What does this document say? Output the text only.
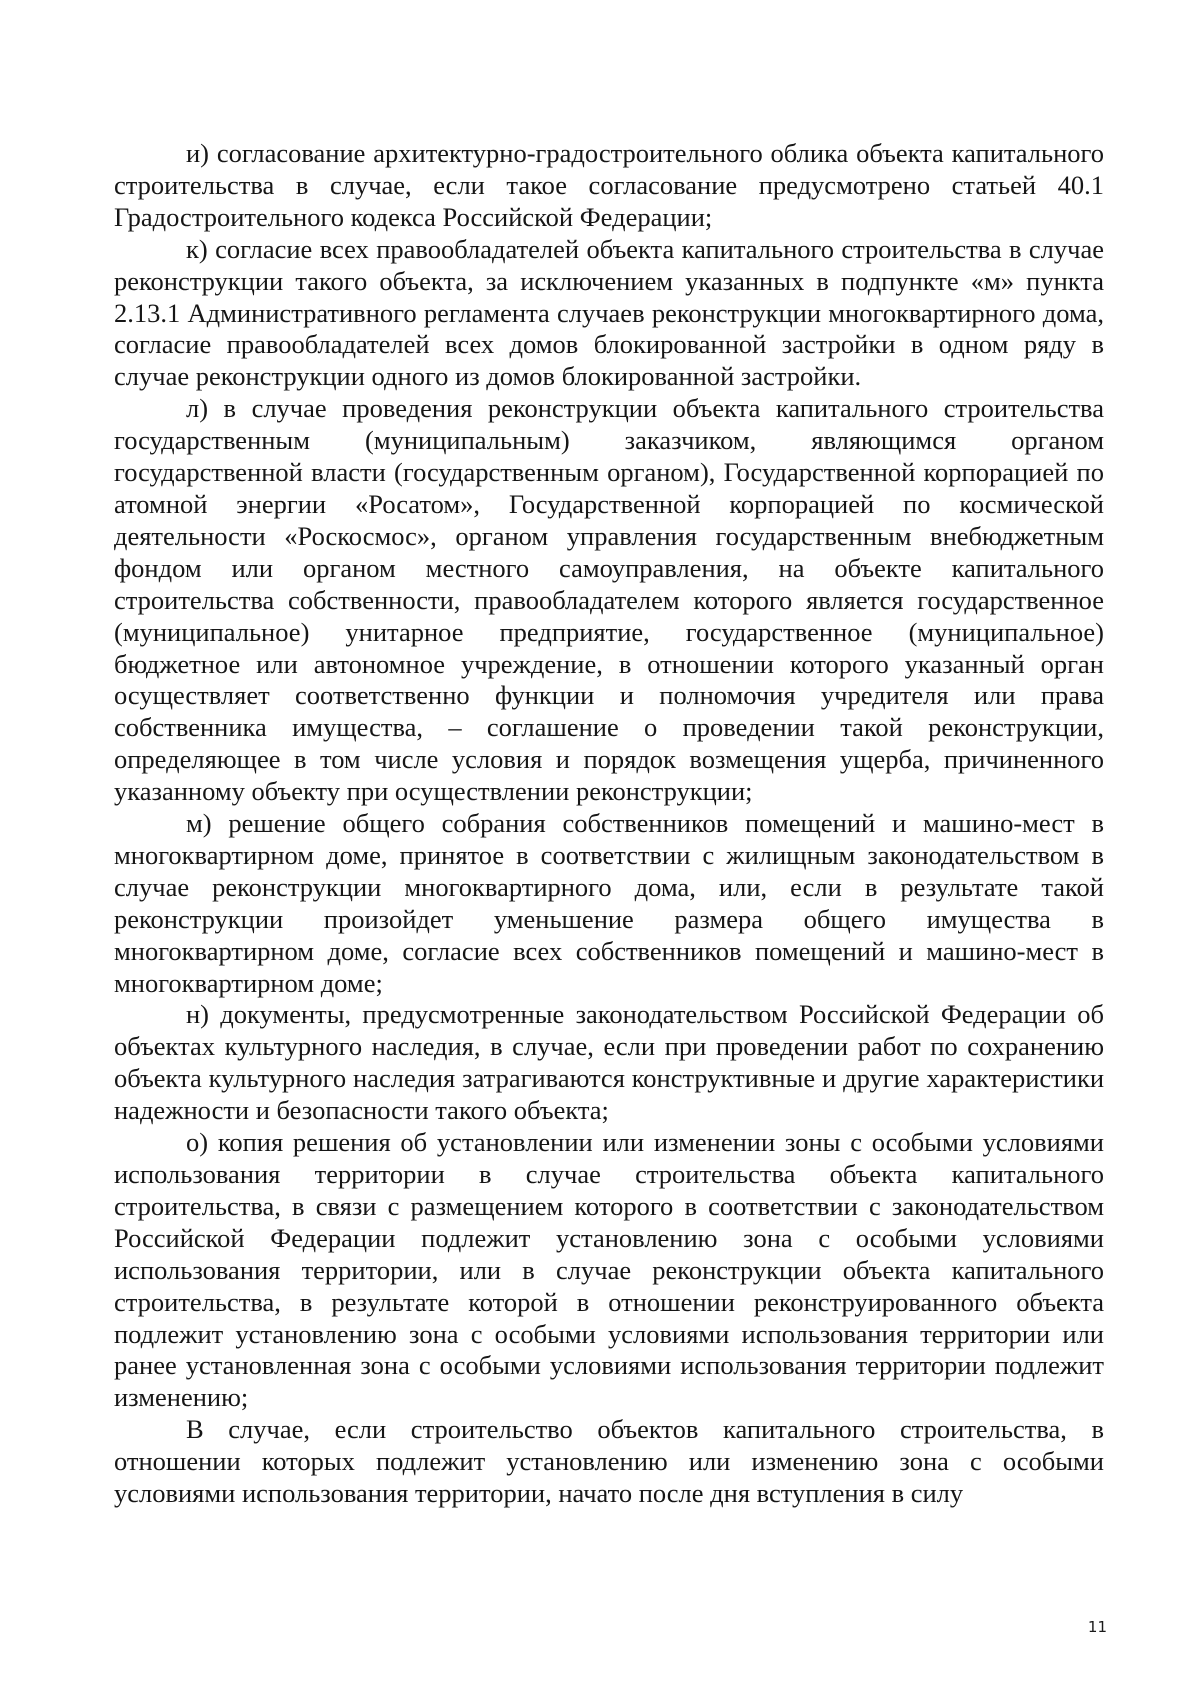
и) согласование архитектурно-градостроительного облика объекта капитального строительства в случае, если такое согласование предусмотрено статьей 40.1 Градостроительного кодекса Российской Федерации;

к) согласие всех правообладателей объекта капитального строительства в случае реконструкции такого объекта, за исключением указанных в подпункте «м» пункта 2.13.1 Административного регламента случаев реконструкции многоквартирного дома, согласие правообладателей всех домов блокированной застройки в одном ряду в случае реконструкции одного из домов блокированной застройки.

л) в случае проведения реконструкции объекта капитального строительства государственным (муниципальным) заказчиком, являющимся органом государственной власти (государственным органом), Государственной корпорацией по атомной энергии «Росатом», Государственной корпорацией по космической деятельности «Роскосмос», органом управления государственным внебюджетным фондом или органом местного самоуправления, на объекте капитального строительства собственности, правообладателем которого является государственное (муниципальное) унитарное предприятие, государственное (муниципальное) бюджетное или автономное учреждение, в отношении которого указанный орган осуществляет соответственно функции и полномочия учредителя или права собственника имущества, – соглашение о проведении такой реконструкции, определяющее в том числе условия и порядок возмещения ущерба, причиненного указанному объекту при осуществлении реконструкции;

м) решение общего собрания собственников помещений и машино-мест в многоквартирном доме, принятое в соответствии с жилищным законодательством в случае реконструкции многоквартирного дома, или, если в результате такой реконструкции произойдет уменьшение размера общего имущества в многоквартирном доме, согласие всех собственников помещений и машино-мест в многоквартирном доме;

н) документы, предусмотренные законодательством Российской Федерации об объектах культурного наследия, в случае, если при проведении работ по сохранению объекта культурного наследия затрагиваются конструктивные и другие характеристики надежности и безопасности такого объекта;

о) копия решения об установлении или изменении зоны с особыми условиями использования территории в случае строительства объекта капитального строительства, в связи с размещением которого в соответствии с законодательством Российской Федерации подлежит установлению зона с особыми условиями использования территории, или в случае реконструкции объекта капитального строительства, в результате которой в отношении реконструированного объекта подлежит установлению зона с особыми условиями использования территории или ранее установленная зона с особыми условиями использования территории подлежит изменению;

В случае, если строительство объектов капитального строительства, в отношении которых подлежит установлению или изменению зона с особыми условиями использования территории, начато после дня вступления в силу

11
